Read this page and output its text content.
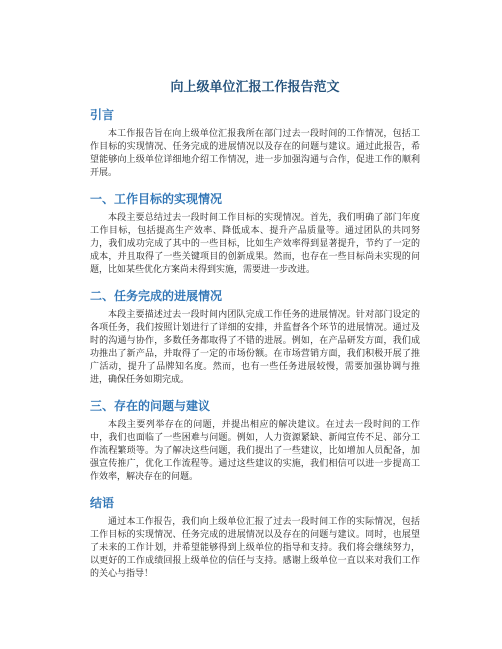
向上级单位汇报工作报告范文
引言

本工作报告旨在向上级单位汇报我所在部门过去一段时间的工作情况，包括工作目标的实现情况、任务完成的进展情况以及存在的问题与建议。通过此报告，希望能够向上级单位详细地介绍工作情况，进一步加强沟通与合作，促进工作的顺利开展。

一、工作目标的实现情况

本段主要总结过去一段时间工作目标的实现情况。首先，我们明确了部门年度工作目标，包括提高生产效率、降低成本、提升产品质量等。通过团队的共同努力，我们成功完成了其中的一些目标，比如生产效率得到显著提升，节约了一定的成本，并且取得了一些关键项目的创新成果。然而，也存在一些目标尚未实现的问题，比如某些优化方案尚未得到实施，需要进一步改进。

二、任务完成的进展情况

本段主要描述过去一段时间内团队完成工作任务的进展情况。针对部门设定的各项任务，我们按照计划进行了详细的安排，并监督各个环节的进展情况。通过及时的沟通与协作，多数任务都取得了不错的进展。例如，在产品研发方面，我们成功推出了新产品，并取得了一定的市场份额。在市场营销方面，我们积极开展了推广活动，提升了品牌知名度。然而，也有一些任务进展较慢，需要加强协调与推进，确保任务如期完成。

三、存在的问题与建议

本段主要列举存在的问题，并提出相应的解决建议。在过去一段时间的工作中，我们也面临了一些困难与问题。例如，人力资源紧缺、新闻宣传不足、部分工作流程繁琐等。为了解决这些问题，我们提出了一些建议，比如增加人员配备，加强宣传推广，优化工作流程等。通过这些建议的实施，我们相信可以进一步提高工作效率，解决存在的问题。

结语

通过本工作报告，我们向上级单位汇报了过去一段时间工作的实际情况，包括工作目标的实现情况、任务完成的进展情况以及存在的问题与建议。同时，也展望了未来的工作计划，并希望能够得到上级单位的指导和支持。我们将会继续努力，以更好的工作成绩回报上级单位的信任与支持。感谢上级单位一直以来对我们工作的关心与指导！
